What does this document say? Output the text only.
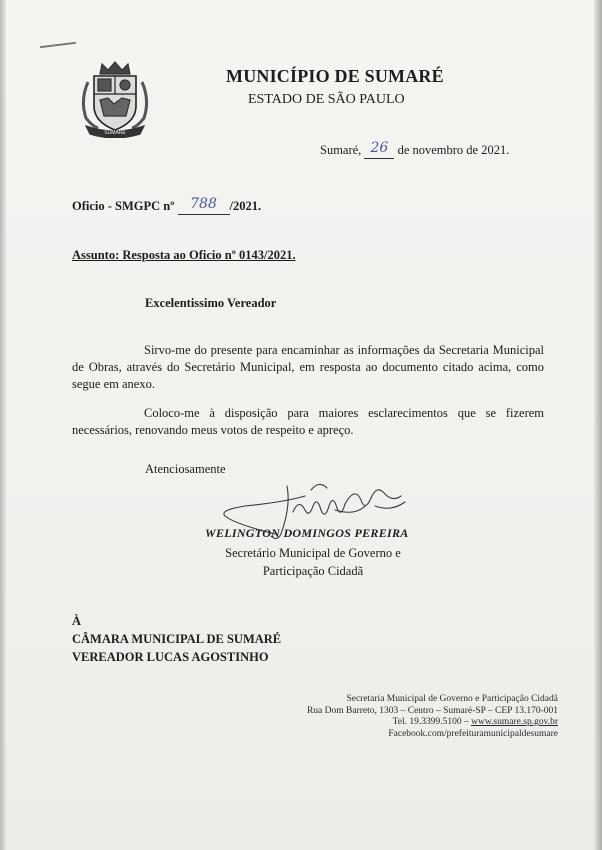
SUMARÉ
MUNICÍPIO DE SUMARÉ
ESTADO DE SÃO PAULO
Sumaré, 26 de novembro de 2021.
Oficio - SMGPC nº 788 /2021.
Assunto: Resposta ao Oficio nº 0143/2021.
Excelentissimo Vereador
Sirvo-me do presente para encaminhar as informações da Secretaria Municipal de Obras, através do Secretário Municipal, em resposta ao documento citado acima, como segue em anexo.
Coloco-me à disposição para maiores esclarecimentos que se fizerem necessários, renovando meus votos de respeito e apreço.
Atenciosamente
WELINGTON DOMINGOS PEREIRA
Secretário Municipal de Governo e
Participação Cidadã
À
CÂMARA MUNICIPAL DE SUMARÉ
VEREADOR LUCAS AGOSTINHO
Secretaria Municipal de Governo e Participação Cidadã
Rua Dom Barreto, 1303 – Centro – Sumaré-SP – CEP 13.170-001
Tel. 19.3399.5100 – www.sumare.sp.gov.br
Facebook.com/prefeituramunicipaldesumare
